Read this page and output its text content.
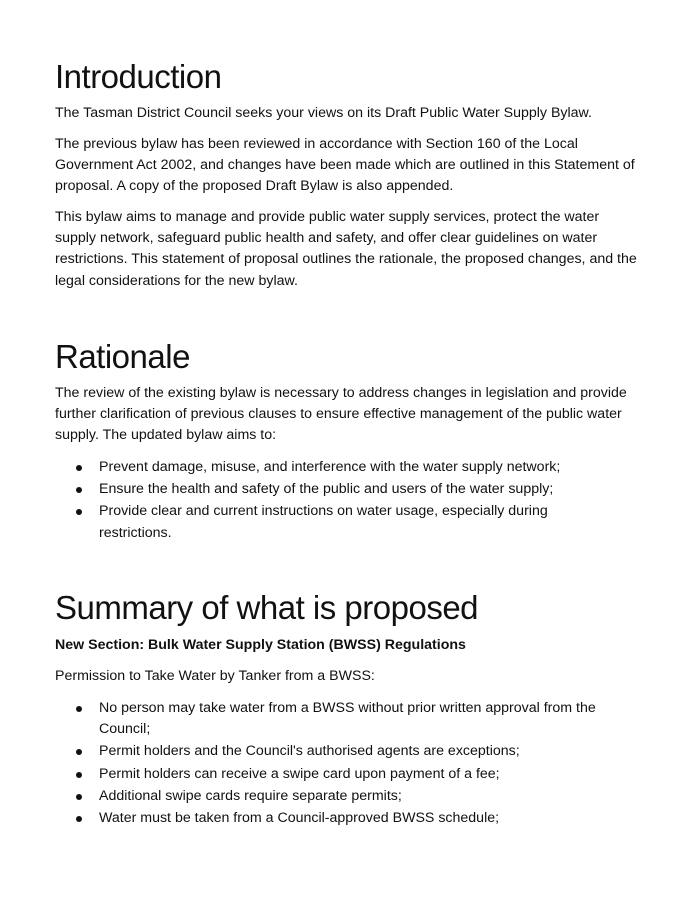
Introduction

The Tasman District Council seeks your views on its Draft Public Water Supply Bylaw.

The previous bylaw has been reviewed in accordance with Section 160 of the Local Government Act 2002, and changes have been made which are outlined in this Statement of proposal. A copy of the proposed Draft Bylaw is also appended.

This bylaw aims to manage and provide public water supply services, protect the water supply network, safeguard public health and safety, and offer clear guidelines on water restrictions. This statement of proposal outlines the rationale, the proposed changes, and the legal considerations for the new bylaw.

Rationale

The review of the existing bylaw is necessary to address changes in legislation and provide further clarification of previous clauses to ensure effective management of the public water supply. The updated bylaw aims to:

Prevent damage, misuse, and interference with the water supply network;
Ensure the health and safety of the public and users of the water supply;
Provide clear and current instructions on water usage, especially during restrictions.
Summary of what is proposed

New Section: Bulk Water Supply Station (BWSS) Regulations

Permission to Take Water by Tanker from a BWSS:

No person may take water from a BWSS without prior written approval from the Council;
Permit holders and the Council's authorised agents are exceptions;
Permit holders can receive a swipe card upon payment of a fee;
Additional swipe cards require separate permits;
Water must be taken from a Council-approved BWSS schedule;
